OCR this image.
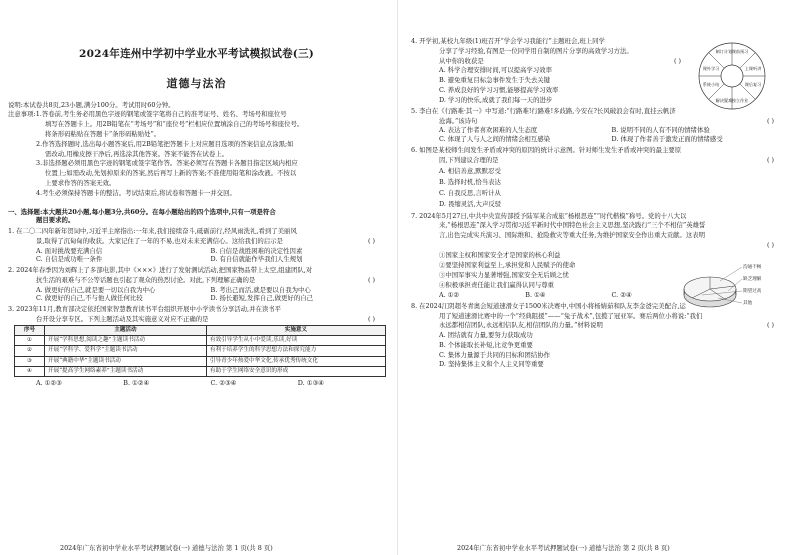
2024年连州中学初中学业水平考试模拟试卷(三)
道德与法治
说明:本试卷共8页,23小题,满分100分。考试用时60分钟。
注意事项:1.答卷前,考生务必用黑色字迹的钢笔或签字笔将自己的准考证号、姓名、考场号和座位号
填写在答题卡上。用2B铅笔在“考场号”和“座位号”栏相应位置填涂自己的考场号和座位号。
将条形码粘贴在答题卡“条形码粘贴处”。
2.作答选择题时,选出每小题答案后,用2B铅笔把答题卡上对应题目选项的答案信息点涂黑;如
需改动,用橡皮擦干净后,再选涂其他答案。答案不能答在试卷上。
3.非选择题必须用黑色字迹的钢笔或签字笔作答。答案必须写在答题卡各题目指定区域内相应
位置上;如需改动,先划掉原来的答案,然后再写上新的答案;不准使用铅笔和涂改液。不按以
上要求作答的答案无效。
4.考生必须保持答题卡的整洁。考试结束后,将试卷和答题卡一并交回。
一、选择题:本大题共20小题,每小题3分,共60分。在每小题给出的四个选项中,只有一项是符合
题目要求的。
1. 在二〇二四年新年贺词中,习近平主席指出:一年来,我们接续奋斗,砥砺前行,经风雨洗礼,看到了美丽风
景,取得了沉甸甸的收获。大家记住了一年的不易,也对未来充满信心。这给我们的启示是	( )
A. 面对挑战要充满自信	B. 自信是战胜困难的决定性因素
C. 自信是成功唯一条件	D. 有自信就能作毕我们人生规划
2. 2024年春季因为刘辉上了多部电影,其中《×××》进行了发射测试活动,把国家物品带上太空,组建团队,对
抗生活的艰难与不公等话题也引起了观众的热烈讨论。对此,下列理解正确的是	( )
A. 做更好的自己,就是要一切以自我为中心	B. 考出己而活,就是要以自我为中心
C. 做更好的自己,不与他人做任何比较	D. 扬长避短,发挥自己,做更好的自己
3. 2023年11月,教育部决定依托国家智慧教育读书平台组织开展中小学读书分享活动,并在读书平
台开设分享专区。下列主题活动及其实施意义对应不正确的是	( )
序号	主题活动	实施意义
①	开展“学科思想,阅读之趣”主题读书活动	有效引导学生从小中爱读,乐读,好读
②	开展“学科学、爱科学”主题读书活动	有利于培养学生的科学思想方法和探究能力
③	开展“典籍中华”主题读书活动	引导青少年热爱中华文化,传承优秀传统文化
④	开展“提高学生网络素养”主题读书活动	有助于学生网络安全意识的形成
A. ①②③	B. ①②④	C. ②③④	D. ①③④
2024年广东省初中学业水平考试押题试卷(一) 道德与法治 第 1 页(共 8 页)
课前预习
上课听讲
课后复习
独立作业
解决疑难
系统小结
课外学习
制订计划
沟通不畅
缺乏理解
期望过高
其他
4. 开学初,某校九年级(1)班召开“学会学习我能行”主题班会,班上同学
分享了学习经验,有图是一位同学用自制的图片分享的高效学习方法。
从中你的收获是	( )
A. 科学合理安排时间,可以提高学习效率
B. 避免重复目标急事件发生于失去关键
C. 养成良好的学习习惯,能够提高学习效率
D. 学习的快乐,成就了我们每一天的进步
5. 李白在《行路难·其一》中写道:“行路难!行路难!多歧路,今安在?长风破浪会有时,直挂云帆济
沧海。”该诗句	( )
A. 表达了作者喜欢困难的人生态度	B. 说明不同的人有不同的情绪体验
C. 体现了人与人之间的情绪会相互感染	D. 体现了作者善于激发正面的情绪感受
6. 如图是某校师生间发生矛盾或冲突的原因的统计示意图。针对师生发生矛盾或冲突的最主要原
因,下列建议合理的是	( )
A. 相信善意,默默忍受
B. 选择时机,恰当表达
C. 自我反思,言听计从
D. 畏缩灵活,大声反驳
7. 2024年5月27日,中共中央宣传部授予陆军某合成旅“杨根思连”“时代楷模”称号。党的十八大以
来,“杨根思连”深入学习贯彻习近平新时代中国特色社会主义思想,坚决践行“三个不相信”英雄誓
言,出色完成实兵演习、国际维和、抢险救灾等重大任务,为维护国家安全作出重大贡献。这表明
( )
①国家主权和国家安全才是国家的核心利益
②要坚持国家利益至上,承担党和人民赋予的使命
③中国军事实力显著增强,国家安全无后顾之忧
④积极承担责任能让我们赢得认同与尊重
A. ①②	B. ①④	C. ②④
8. 在2024江阴超冬青奥会短道速滑女子1500米决赛中,中国小将杨婧茹和队友李金爸完美配合,运
用了短道速滑比赛中的一个“经典阻援”——“兔子战术”,包揽了冠亚军。赛后两位小将说:“我们
永远都相信团队,永远相信队友,相信团队的力量。”材料说明	( )
A. 团结就有力量,要努力获取成功
B. 个体能取长补短,比竞争更重要
C. 集体力量源于共同的目标和团结协作
D. 坚持集体主义和个人主义同等重要
2024年广东省初中学业水平考试押题试卷(一) 道德与法治 第 2 页(共 8 页)
